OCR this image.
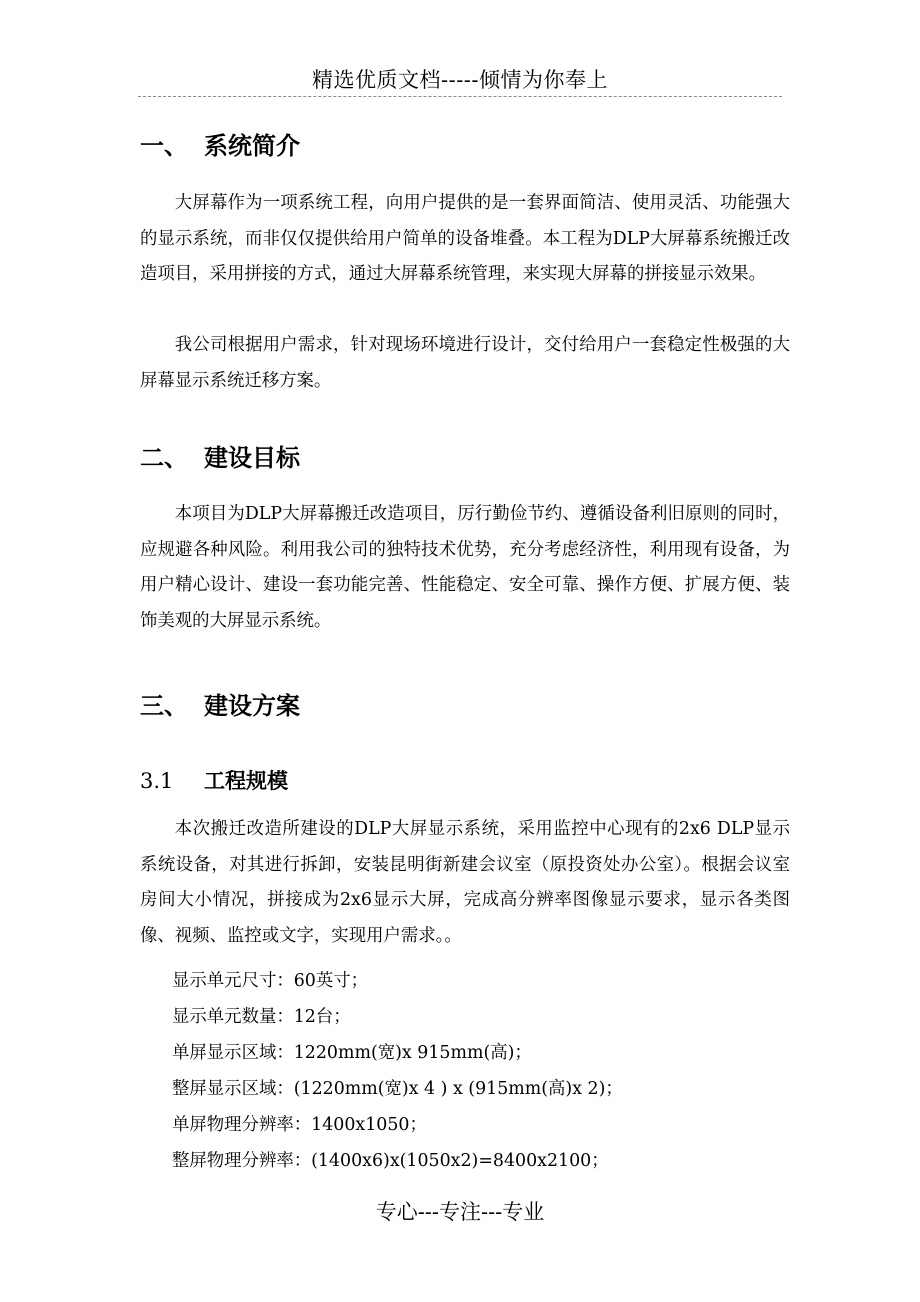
精选优质文档-----倾情为你奉上
一、 系统简介

大屏幕作为一项系统工程，向用户提供的是一套界面简洁、使用灵活、功能强大的显示系统，而非仅仅提供给用户简单的设备堆叠。本工程为DLP大屏幕系统搬迁改造项目，采用拼接的方式，通过大屏幕系统管理，来实现大屏幕的拼接显示效果。

我公司根据用户需求，针对现场环境进行设计，交付给用户一套稳定性极强的大屏幕显示系统迁移方案。

二、 建设目标

本项目为DLP大屏幕搬迁改造项目，厉行勤俭节约、遵循设备利旧原则的同时，应规避各种风险。利用我公司的独特技术优势，充分考虑经济性，利用现有设备，为用户精心设计、建设一套功能完善、性能稳定、安全可靠、操作方便、扩展方便、装饰美观的大屏显示系统。

三、 建设方案
3.1 工程规模

本次搬迁改造所建设的DLP大屏显示系统，采用监控中心现有的2x6 DLP显示系统设备，对其进行拆卸，安装昆明街新建会议室（原投资处办公室）。根据会议室房间大小情况，拼接成为2x6显示大屏，完成高分辨率图像显示要求，显示各类图像、视频、监控或文字，实现用户需求。。

显示单元尺寸：60英寸；
显示单元数量：12台；
单屏显示区域：1220mm(宽)x 915mm(高)；
整屏显示区域：(1220mm(宽)x 4 ) x (915mm(高)x 2)；
单屏物理分辨率：1400x1050；
整屏物理分辨率：(1400x6)x(1050x2)=8400x2100；
专心---专注---专业
